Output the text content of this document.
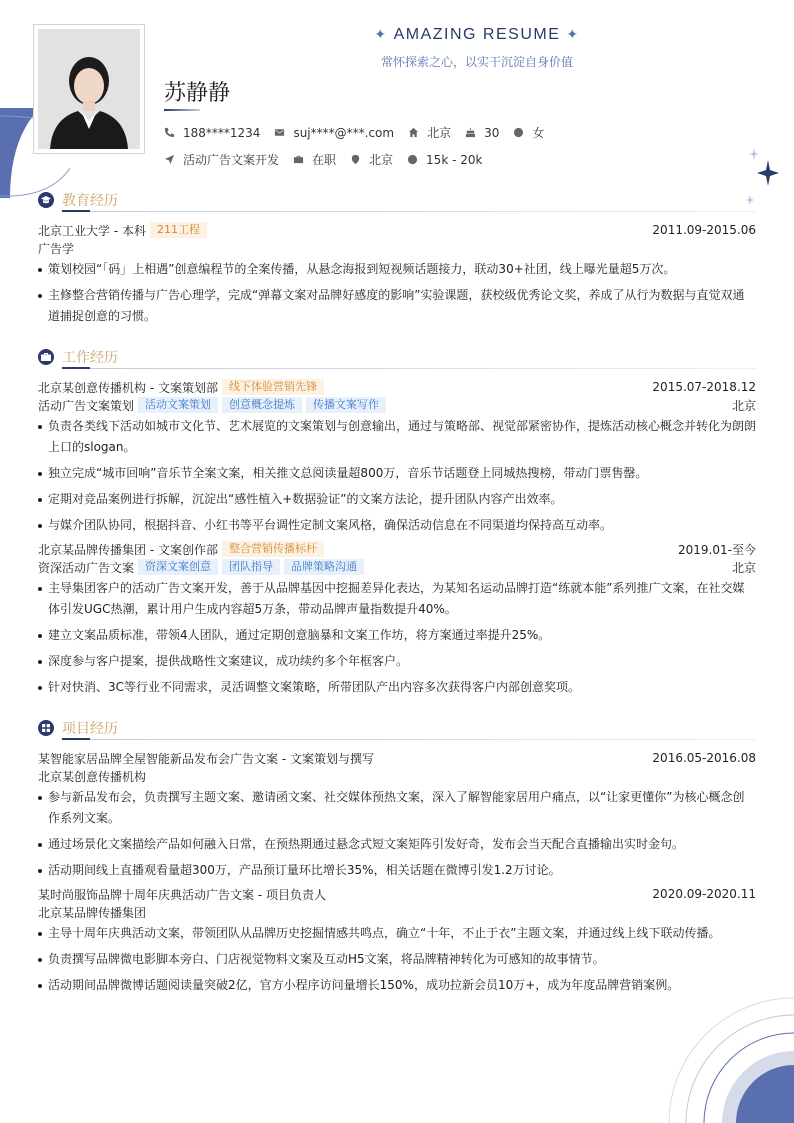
✦ AMAZING RESUME ✦
常怀探索之心，以实干沉淀自身价值
苏静静
188****1234	suj****@***.com	北京	30	女
活动广告文案开发	在职	北京	15k - 20k
教育经历
北京工业大学 - 本科	211工程	2011.09-2015.06
广告学
策划校园“「码」上相遇”创意编程节的全案传播，从悬念海报到短视频话题接力，联动30+社团，线上曝光量超5万次。
主修整合营销传播与广告心理学，完成“弹幕文案对品牌好感度的影响”实验课题，获校级优秀论文奖，养成了从行为数据与直觉双通道捕捉创意的习惯。
工作经历
北京某创意传播机构 - 文案策划部	线下体验营销先锋	2015.07-2018.12
活动广告文案策划	活动文案策划	创意概念提炼	传播文案写作	北京
负责各类线下活动如城市文化节、艺术展览的文案策划与创意输出，通过与策略部、视觉部紧密协作，提炼活动核心概念并转化为朗朗上口的slogan。
独立完成“城市回响”音乐节全案文案，相关推文总阅读量超800万，音乐节话题登上同城热搜榜，带动门票售罄。
定期对竞品案例进行拆解，沉淀出“感性植入+数据验证”的文案方法论，提升团队内容产出效率。
与媒介团队协同，根据抖音、小红书等平台调性定制文案风格，确保活动信息在不同渠道均保持高互动率。
北京某品牌传播集团 - 文案创作部	整合营销传播标杆	2019.01-至今
资深活动广告文案	资深文案创意	团队指导	品牌策略沟通	北京
主导集团客户的活动广告文案开发，善于从品牌基因中挖掘差异化表达，为某知名运动品牌打造“练就本能”系列推广文案，在社交媒体引发UGC热潮，累计用户生成内容超5万条，带动品牌声量指数提升40%。
建立文案品质标准，带领4人团队，通过定期创意脑暴和文案工作坊，将方案通过率提升25%。
深度参与客户提案，提供战略性文案建议，成功续约多个年框客户。
针对快消、3C等行业不同需求，灵活调整文案策略，所带团队产出内容多次获得客户内部创意奖项。
项目经历
某智能家居品牌全屋智能新品发布会广告文案 - 文案策划与撰写	2016.05-2016.08
北京某创意传播机构
参与新品发布会，负责撰写主题文案、邀请函文案、社交媒体预热文案，深入了解智能家居用户痛点，以“让家更懂你”为核心概念创作系列文案。
通过场景化文案描绘产品如何融入日常，在预热期通过悬念式短文案矩阵引发好奇，发布会当天配合直播输出实时金句。
活动期间线上直播观看量超300万，产品预订量环比增长35%，相关话题在微博引发1.2万讨论。
某时尚服饰品牌十周年庆典活动广告文案 - 项目负责人	2020.09-2020.11
北京某品牌传播集团
主导十周年庆典活动文案，带领团队从品牌历史挖掘情感共鸣点，确立“十年，不止于衣”主题文案，并通过线上线下联动传播。
负责撰写品牌微电影脚本旁白、门店视觉物料文案及互动H5文案，将品牌精神转化为可感知的故事情节。
活动期间品牌微博话题阅读量突破2亿，官方小程序访问量增长150%，成功拉新会员10万+，成为年度品牌营销案例。
